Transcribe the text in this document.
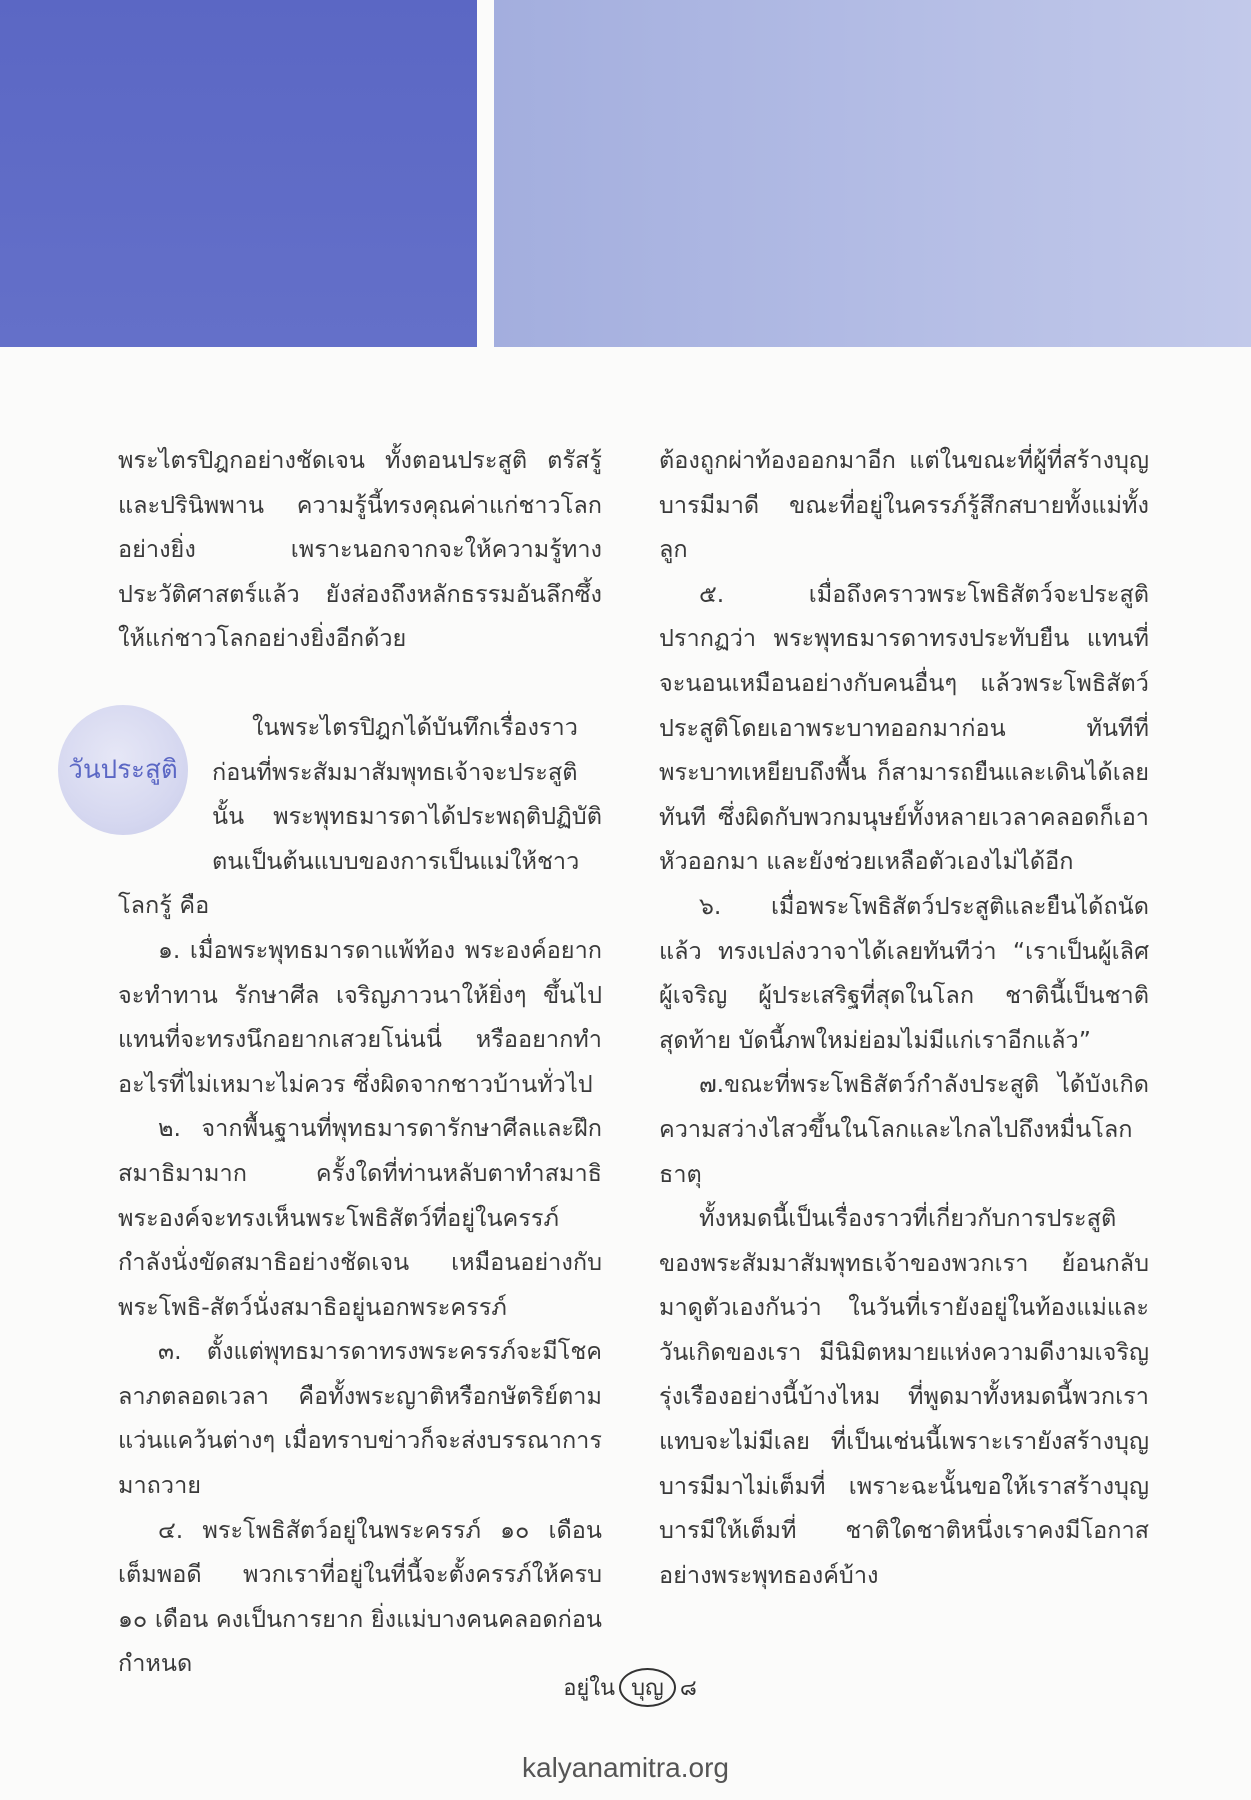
พระไตรปิฎกอย่างชัดเจน ทั้งตอนประสูติ ตรัสรู้ และปรินิพพาน ความรู้นี้ทรงคุณค่าแก่ชาวโลกอย่างยิ่ง เพราะนอกจากจะให้ความรู้ทางประวัติศาสตร์แล้ว ยังส่องถึงหลักธรรมอันลึกซึ้งให้แก่ชาวโลกอย่างยิ่งอีกด้วย

วันประสูติ

ในพระไตรปิฎกได้บันทึกเรื่องราวก่อนที่พระสัมมาสัมพุทธเจ้าจะประสูตินั้น พระพุทธมารดาได้ประพฤติปฏิบัติตนเป็นต้นแบบของการเป็นแม่ให้ชาวโลกรู้ คือ

๑. เมื่อพระพุทธมารดาแพ้ท้อง พระองค์อยากจะทำทาน รักษาศีล เจริญภาวนาให้ยิ่งๆ ขึ้นไป แทนที่จะทรงนึกอยากเสวยโน่นนี่ หรืออยากทำอะไรที่ไม่เหมาะไม่ควร ซึ่งผิดจากชาวบ้านทั่วไป

๒. จากพื้นฐานที่พุทธมารดารักษาศีลและฝึกสมาธิมามาก ครั้งใดที่ท่านหลับตาทำสมาธิ พระองค์จะทรงเห็นพระโพธิสัตว์ที่อยู่ในครรภ์กำลังนั่งขัดสมาธิอย่างชัดเจน เหมือนอย่างกับพระโพธิ-สัตว์นั่งสมาธิอยู่นอกพระครรภ์

๓. ตั้งแต่พุทธมารดาทรงพระครรภ์จะมีโชคลาภตลอดเวลา คือทั้งพระญาติหรือกษัตริย์ตามแว่นแคว้นต่างๆ เมื่อทราบข่าวก็จะส่งบรรณาการมาถวาย

๔. พระโพธิสัตว์อยู่ในพระครรภ์ ๑๐ เดือนเต็มพอดี พวกเราที่อยู่ในที่นี้จะตั้งครรภ์ให้ครบ ๑๐ เดือน คงเป็นการยาก ยิ่งแม่บางคนคลอดก่อนกำหนด

ต้องถูกผ่าท้องออกมาอีก แต่ในขณะที่ผู้ที่สร้างบุญบารมีมาดี ขณะที่อยู่ในครรภ์รู้สึกสบายทั้งแม่ทั้งลูก

๕. เมื่อถึงคราวพระโพธิสัตว์จะประสูติ ปรากฏว่า พระพุทธมารดาทรงประทับยืน แทนที่จะนอนเหมือนอย่างกับคนอื่นๆ แล้วพระโพธิสัตว์ประสูติโดยเอาพระบาทออกมาก่อน ทันทีที่พระบาทเหยียบถึงพื้น ก็สามารถยืนและเดินได้เลยทันที ซึ่งผิดกับพวกมนุษย์ทั้งหลายเวลาคลอดก็เอาหัวออกมา และยังช่วยเหลือตัวเองไม่ได้อีก

๖. เมื่อพระโพธิสัตว์ประสูติและยืนได้ถนัดแล้ว ทรงเปล่งวาจาได้เลยทันทีว่า “เราเป็นผู้เลิศ ผู้เจริญ ผู้ประเสริฐที่สุดในโลก ชาตินี้เป็นชาติสุดท้าย บัดนี้ภพใหม่ย่อมไม่มีแก่เราอีกแล้ว”

๗.ขณะที่พระโพธิสัตว์กำลังประสูติ ได้บังเกิดความสว่างไสวขึ้นในโลกและไกลไปถึงหมื่นโลกธาตุ

ทั้งหมดนี้เป็นเรื่องราวที่เกี่ยวกับการประสูติของพระสัมมาสัมพุทธเจ้าของพวกเรา ย้อนกลับมาดูตัวเองกันว่า ในวันที่เรายังอยู่ในท้องแม่และวันเกิดของเรา มีนิมิตหมายแห่งความดีงามเจริญรุ่งเรืองอย่างนี้บ้างไหม ที่พูดมาทั้งหมดนี้พวกเราแทบจะไม่มีเลย ที่เป็นเช่นนี้เพราะเรายังสร้างบุญบารมีมาไม่เต็มที่ เพราะฉะนั้นขอให้เราสร้างบุญบารมีให้เต็มที่ ชาติใดชาติหนึ่งเราคงมีโอกาสอย่างพระพุทธองค์บ้าง

อยู่ใน บุญ ๘
kalyanamitra.org
